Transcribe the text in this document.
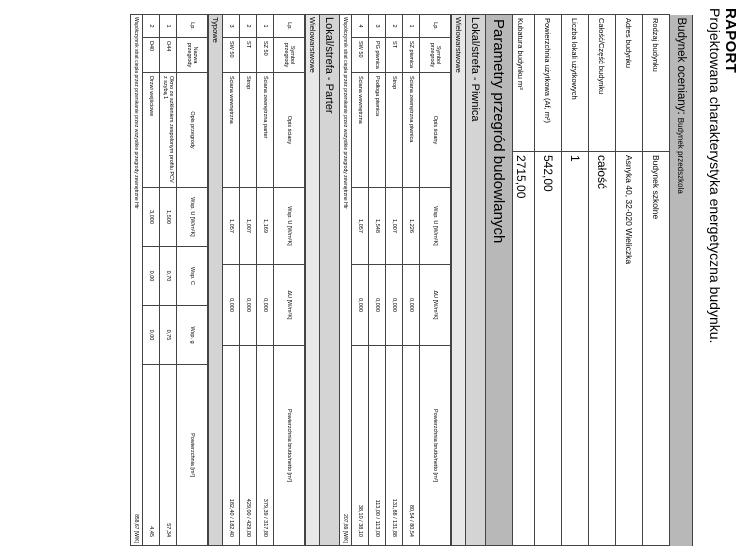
RAPORT
Projektowana charakterystyka energetyczna budynku.
Budynek oceniany: Budynek przedszkola	
Rodzaj budynku	Budynek szkolne
Adres budynku	Asnyka 40, 32-020 Wieliczka
Całość/Część budynku	całość
Liczba lokali użytkowych	1
Powierzchnia użytkowa (Af, m²)	542,00
Kubatura budynku m³	2715,00
Parametry przegród budowlanych
Lokal/strefa - Piwnica
Wielowarstwowe
Lp.	Symbol przegrody	Opis ściany	Wsp. U [W/m²K]	ΔU [W/m²K]	Powierzchnia brutto/netto [m²]
1	SZ piwnica	Ściana zewnętrzna piwnica	1,226	0,000	80,54 / 80,54
2	ST	Strop	1,007	0,000	131,88 / 131,88
3	PG piwnica	Podłoga piwnica	1,548	0,000	113,00 / 113,00
4	SW 50	Ściana wewnętrzna	1,057	0,000	38,10 / 38,10
Współczynnik strat ciepła przez przenikanie przez wszystkie przegrody zewnętrzne Htr
207,89 [W/K]
Lokal/strefa - Parter
Wielowarstwowe
Lp.	Symbol przegrody	Opis ściany	Wsp. U [W/m²K]	ΔU [W/m²K]	Powierzchnia brutto/netto [m²]
1	SZ 50	Ściana zewnętrzna parter	1,169	0,000	379,39 / 317,80
2	ST	Strop	1,007	0,000	429,00 / 429,00
3	SW 50	Ściana wewnętrzna	1,057	0,000	182,40 / 182,40
Typowe
Lp.	Nazwa przegrody	Opis przegrody	Wsp. U [W/m²K]	Wsp. C	Wsp. g	Powierzchnia [m²]
1	O44	Okno ze szkleniem zespolonym profilu PCV z szybą 1	1,500	0,70	0,75	57,34
2	D40	Drzwi wejściowe	3,000	0,00	0,00	4,45
Współczynnik strat ciepła przez przenikanie przez wszystkie przegrody zewnętrzne Htr
858,67 [W/K]
